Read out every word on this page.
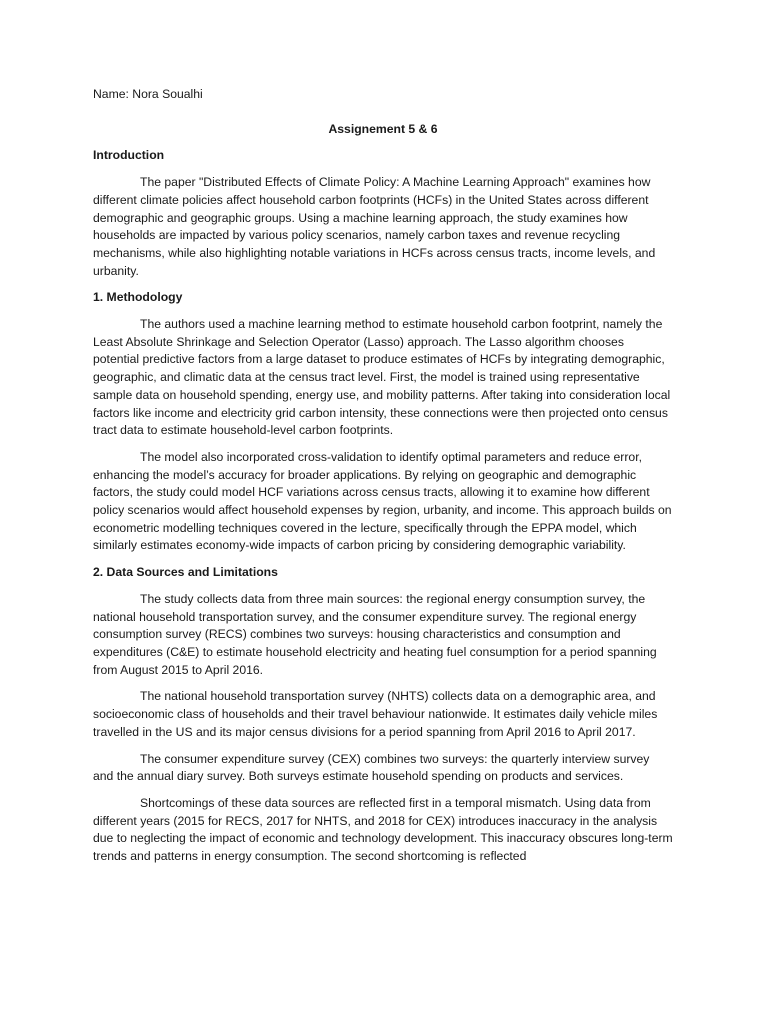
Name: Nora Soualhi

Assignement 5 & 6

Introduction

The paper "Distributed Effects of Climate Policy: A Machine Learning Approach" examines how different climate policies affect household carbon footprints (HCFs) in the United States across different demographic and geographic groups. Using a machine learning approach, the study examines how households are impacted by various policy scenarios, namely carbon taxes and revenue recycling mechanisms, while also highlighting notable variations in HCFs across census tracts, income levels, and urbanity.

1. Methodology

The authors used a machine learning method to estimate household carbon footprint, namely the Least Absolute Shrinkage and Selection Operator (Lasso) approach. The Lasso algorithm chooses potential predictive factors from a large dataset to produce estimates of HCFs by integrating demographic, geographic, and climatic data at the census tract level. First, the model is trained using representative sample data on household spending, energy use, and mobility patterns. After taking into consideration local factors like income and electricity grid carbon intensity, these connections were then projected onto census tract data to estimate household-level carbon footprints.

The model also incorporated cross-validation to identify optimal parameters and reduce error, enhancing the model’s accuracy for broader applications. By relying on geographic and demographic factors, the study could model HCF variations across census tracts, allowing it to examine how different policy scenarios would affect household expenses by region, urbanity, and income. This approach builds on econometric modelling techniques covered in the lecture, specifically through the EPPA model, which similarly estimates economy-wide impacts of carbon pricing by considering demographic variability.

2. Data Sources and Limitations

The study collects data from three main sources: the regional energy consumption survey, the national household transportation survey, and the consumer expenditure survey. The regional energy consumption survey (RECS) combines two surveys: housing characteristics and consumption and expenditures (C&E) to estimate household electricity and heating fuel consumption for a period spanning from August 2015 to April 2016.

The national household transportation survey (NHTS) collects data on a demographic area, and socioeconomic class of households and their travel behaviour nationwide. It estimates daily vehicle miles travelled in the US and its major census divisions for a period spanning from April 2016 to April 2017.

The consumer expenditure survey (CEX) combines two surveys: the quarterly interview survey and the annual diary survey. Both surveys estimate household spending on products and services.

Shortcomings of these data sources are reflected first in a temporal mismatch. Using data from different years (2015 for RECS, 2017 for NHTS, and 2018 for CEX) introduces inaccuracy in the analysis due to neglecting the impact of economic and technology development. This inaccuracy obscures long-term trends and patterns in energy consumption. The second shortcoming is reflected
